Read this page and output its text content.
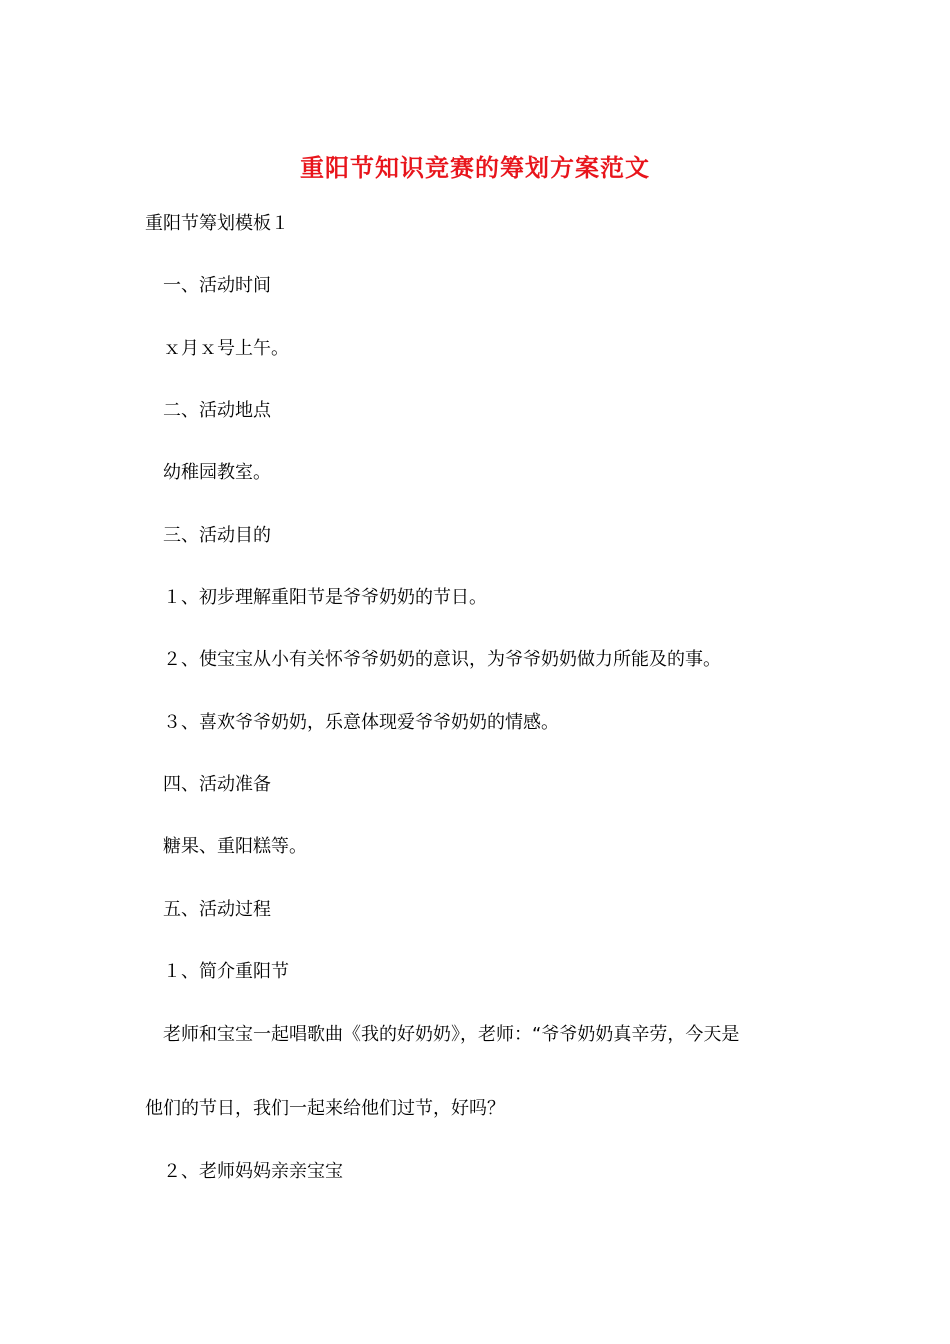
重阳节知识竞赛的筹划方案范文
重阳节筹划模板１
一、活动时间
ｘ月ｘ号上午。
二、活动地点
幼稚园教室。
三、活动目的
１、初步理解重阳节是爷爷奶奶的节日。
２、使宝宝从小有关怀爷爷奶奶的意识，为爷爷奶奶做力所能及的事。
３、喜欢爷爷奶奶，乐意体现爱爷爷奶奶的情感。
四、活动准备
糖果、重阳糕等。
五、活动过程
１、简介重阳节
老师和宝宝一起唱歌曲《我的好奶奶》，老师：“爷爷奶奶真辛劳，今天是
他们的节日，我们一起来给他们过节，好吗？
２、老师妈妈亲亲宝宝
